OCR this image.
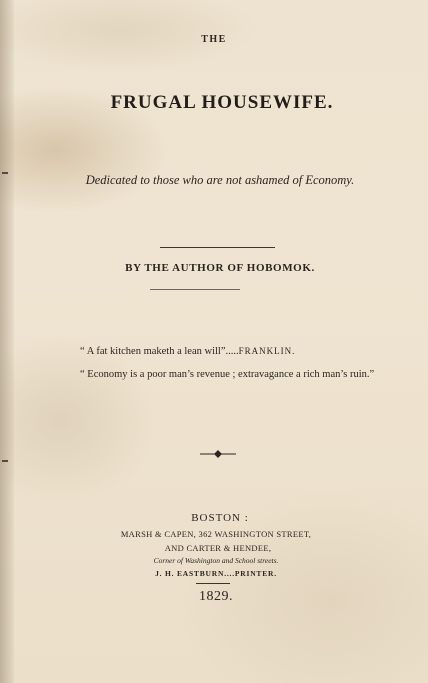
THE
FRUGAL HOUSEWIFE.
Dedicated to those who are not ashamed of Economy.
BY THE AUTHOR OF HOBOMOK.
“ A fat kitchen maketh a lean will”.....FRANKLIN.
“ Economy is a poor man’s revenue ; extravagance a rich man’s ruin.”
BOSTON :
MARSH & CAPEN, 362 WASHINGTON STREET,
AND CARTER & HENDEE,
Corner of Washington and School streets.
J. H. EASTBURN....PRINTER.
1829.
